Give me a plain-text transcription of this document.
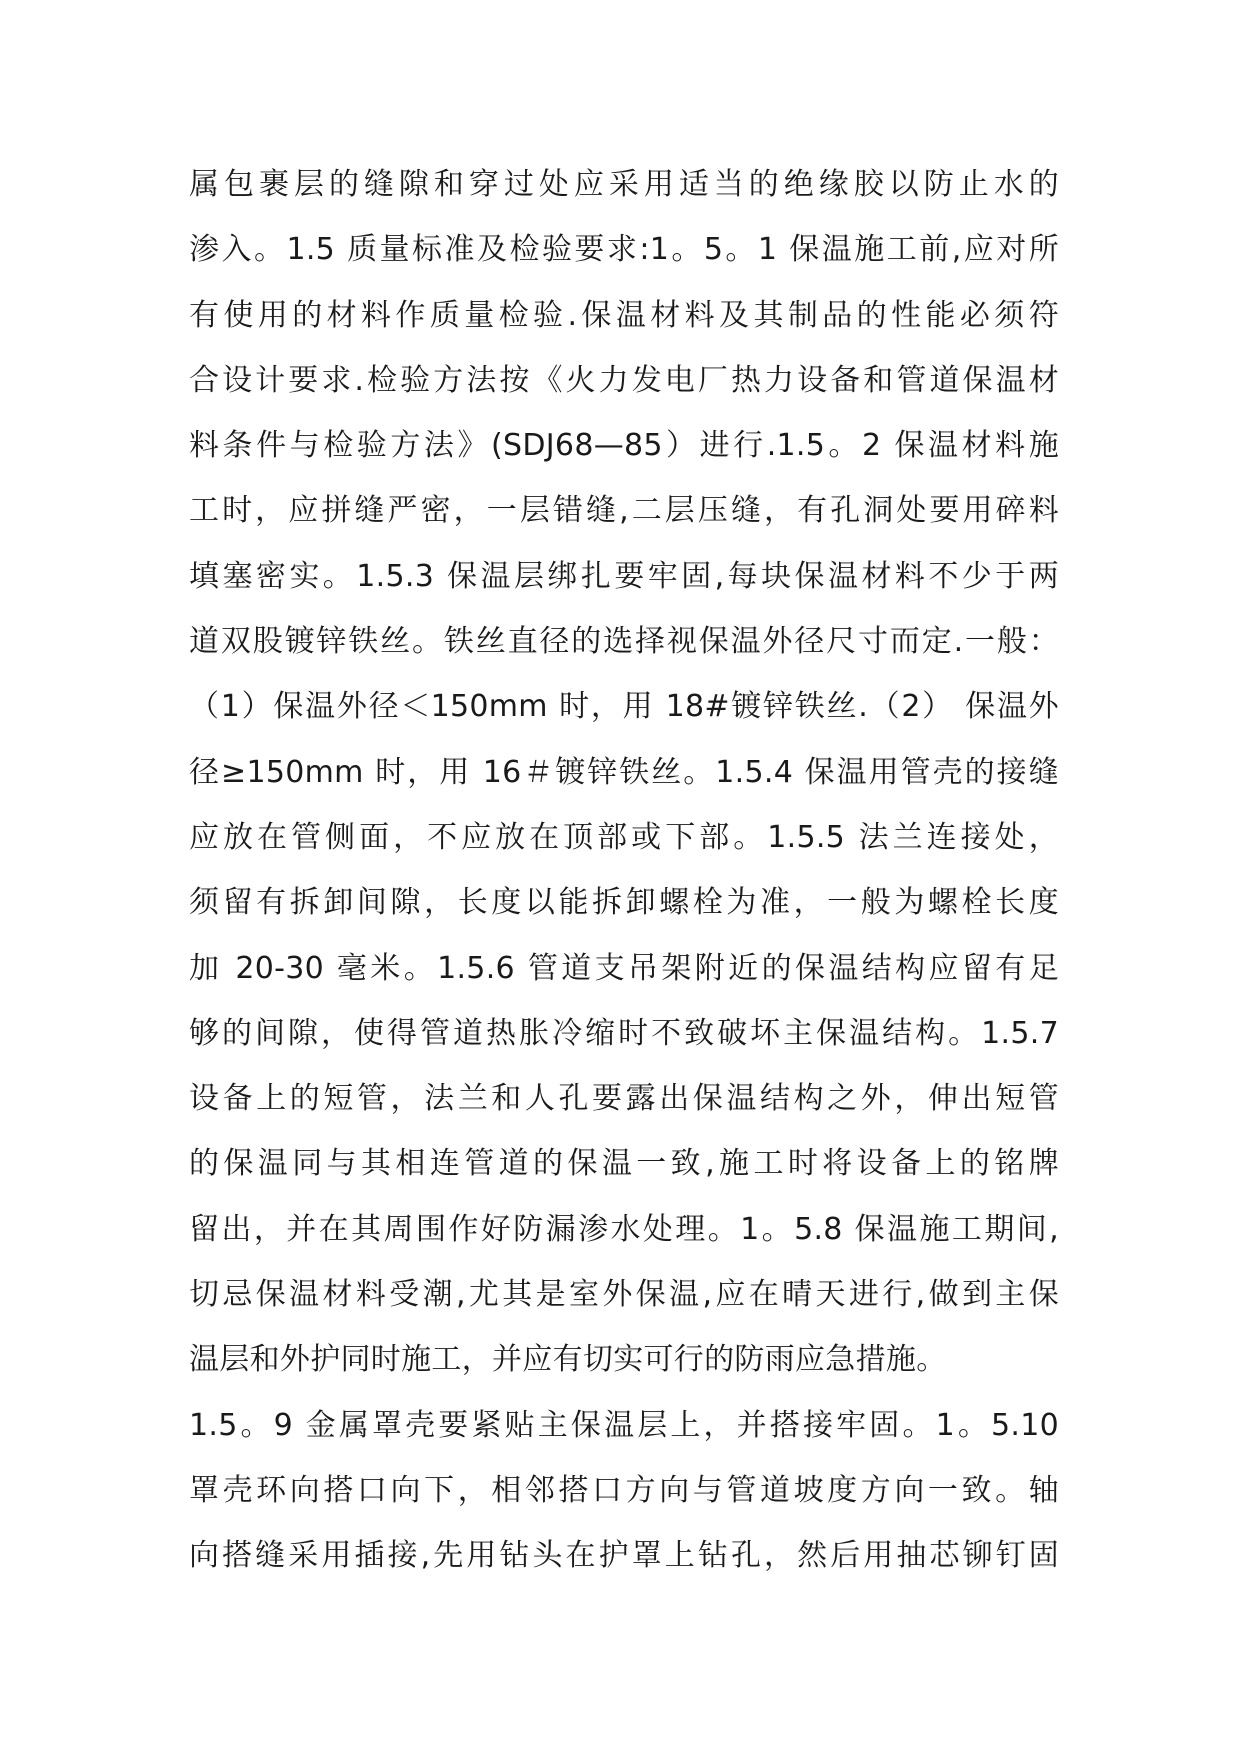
属包裹层的缝隙和穿过处应采用适当的绝缘胶以防止水的
渗入。1.5 质量标准及检验要求:1。5。1 保温施工前,应对所
有使用的材料作质量检验.保温材料及其制品的性能必须符
合设计要求.检验方法按《火力发电厂热力设备和管道保温材
料条件与检验方法》(SDJ68—85）进行.1.5。2 保温材料施
工时，应拼缝严密，一层错缝,二层压缝，有孔洞处要用碎料
填塞密实。1.5.3 保温层绑扎要牢固,每块保温材料不少于两
道双股镀锌铁丝。铁丝直径的选择视保温外径尺寸而定.一般：
（1）保温外径＜150mm 时，用 18#镀锌铁丝.（2） 保温外
径≥150mm 时，用 16＃镀锌铁丝。1.5.4 保温用管壳的接缝
应放在管侧面，不应放在顶部或下部。1.5.5 法兰连接处，
须留有拆卸间隙，长度以能拆卸螺栓为准，一般为螺栓长度
加 20-30 毫米。1.5.6 管道支吊架附近的保温结构应留有足
够的间隙，使得管道热胀冷缩时不致破坏主保温结构。1.5.7
设备上的短管，法兰和人孔要露出保温结构之外，伸出短管
的保温同与其相连管道的保温一致,施工时将设备上的铭牌
留出，并在其周围作好防漏渗水处理。1。5.8 保温施工期间,
切忌保温材料受潮,尤其是室外保温,应在晴天进行,做到主保
温层和外护同时施工，并应有切实可行的防雨应急措施。
1.5。9 金属罩壳要紧贴主保温层上，并搭接牢固。1。5.10
罩壳环向搭口向下，相邻搭口方向与管道坡度方向一致。轴
向搭缝采用插接,先用钻头在护罩上钻孔，然后用抽芯铆钉固
